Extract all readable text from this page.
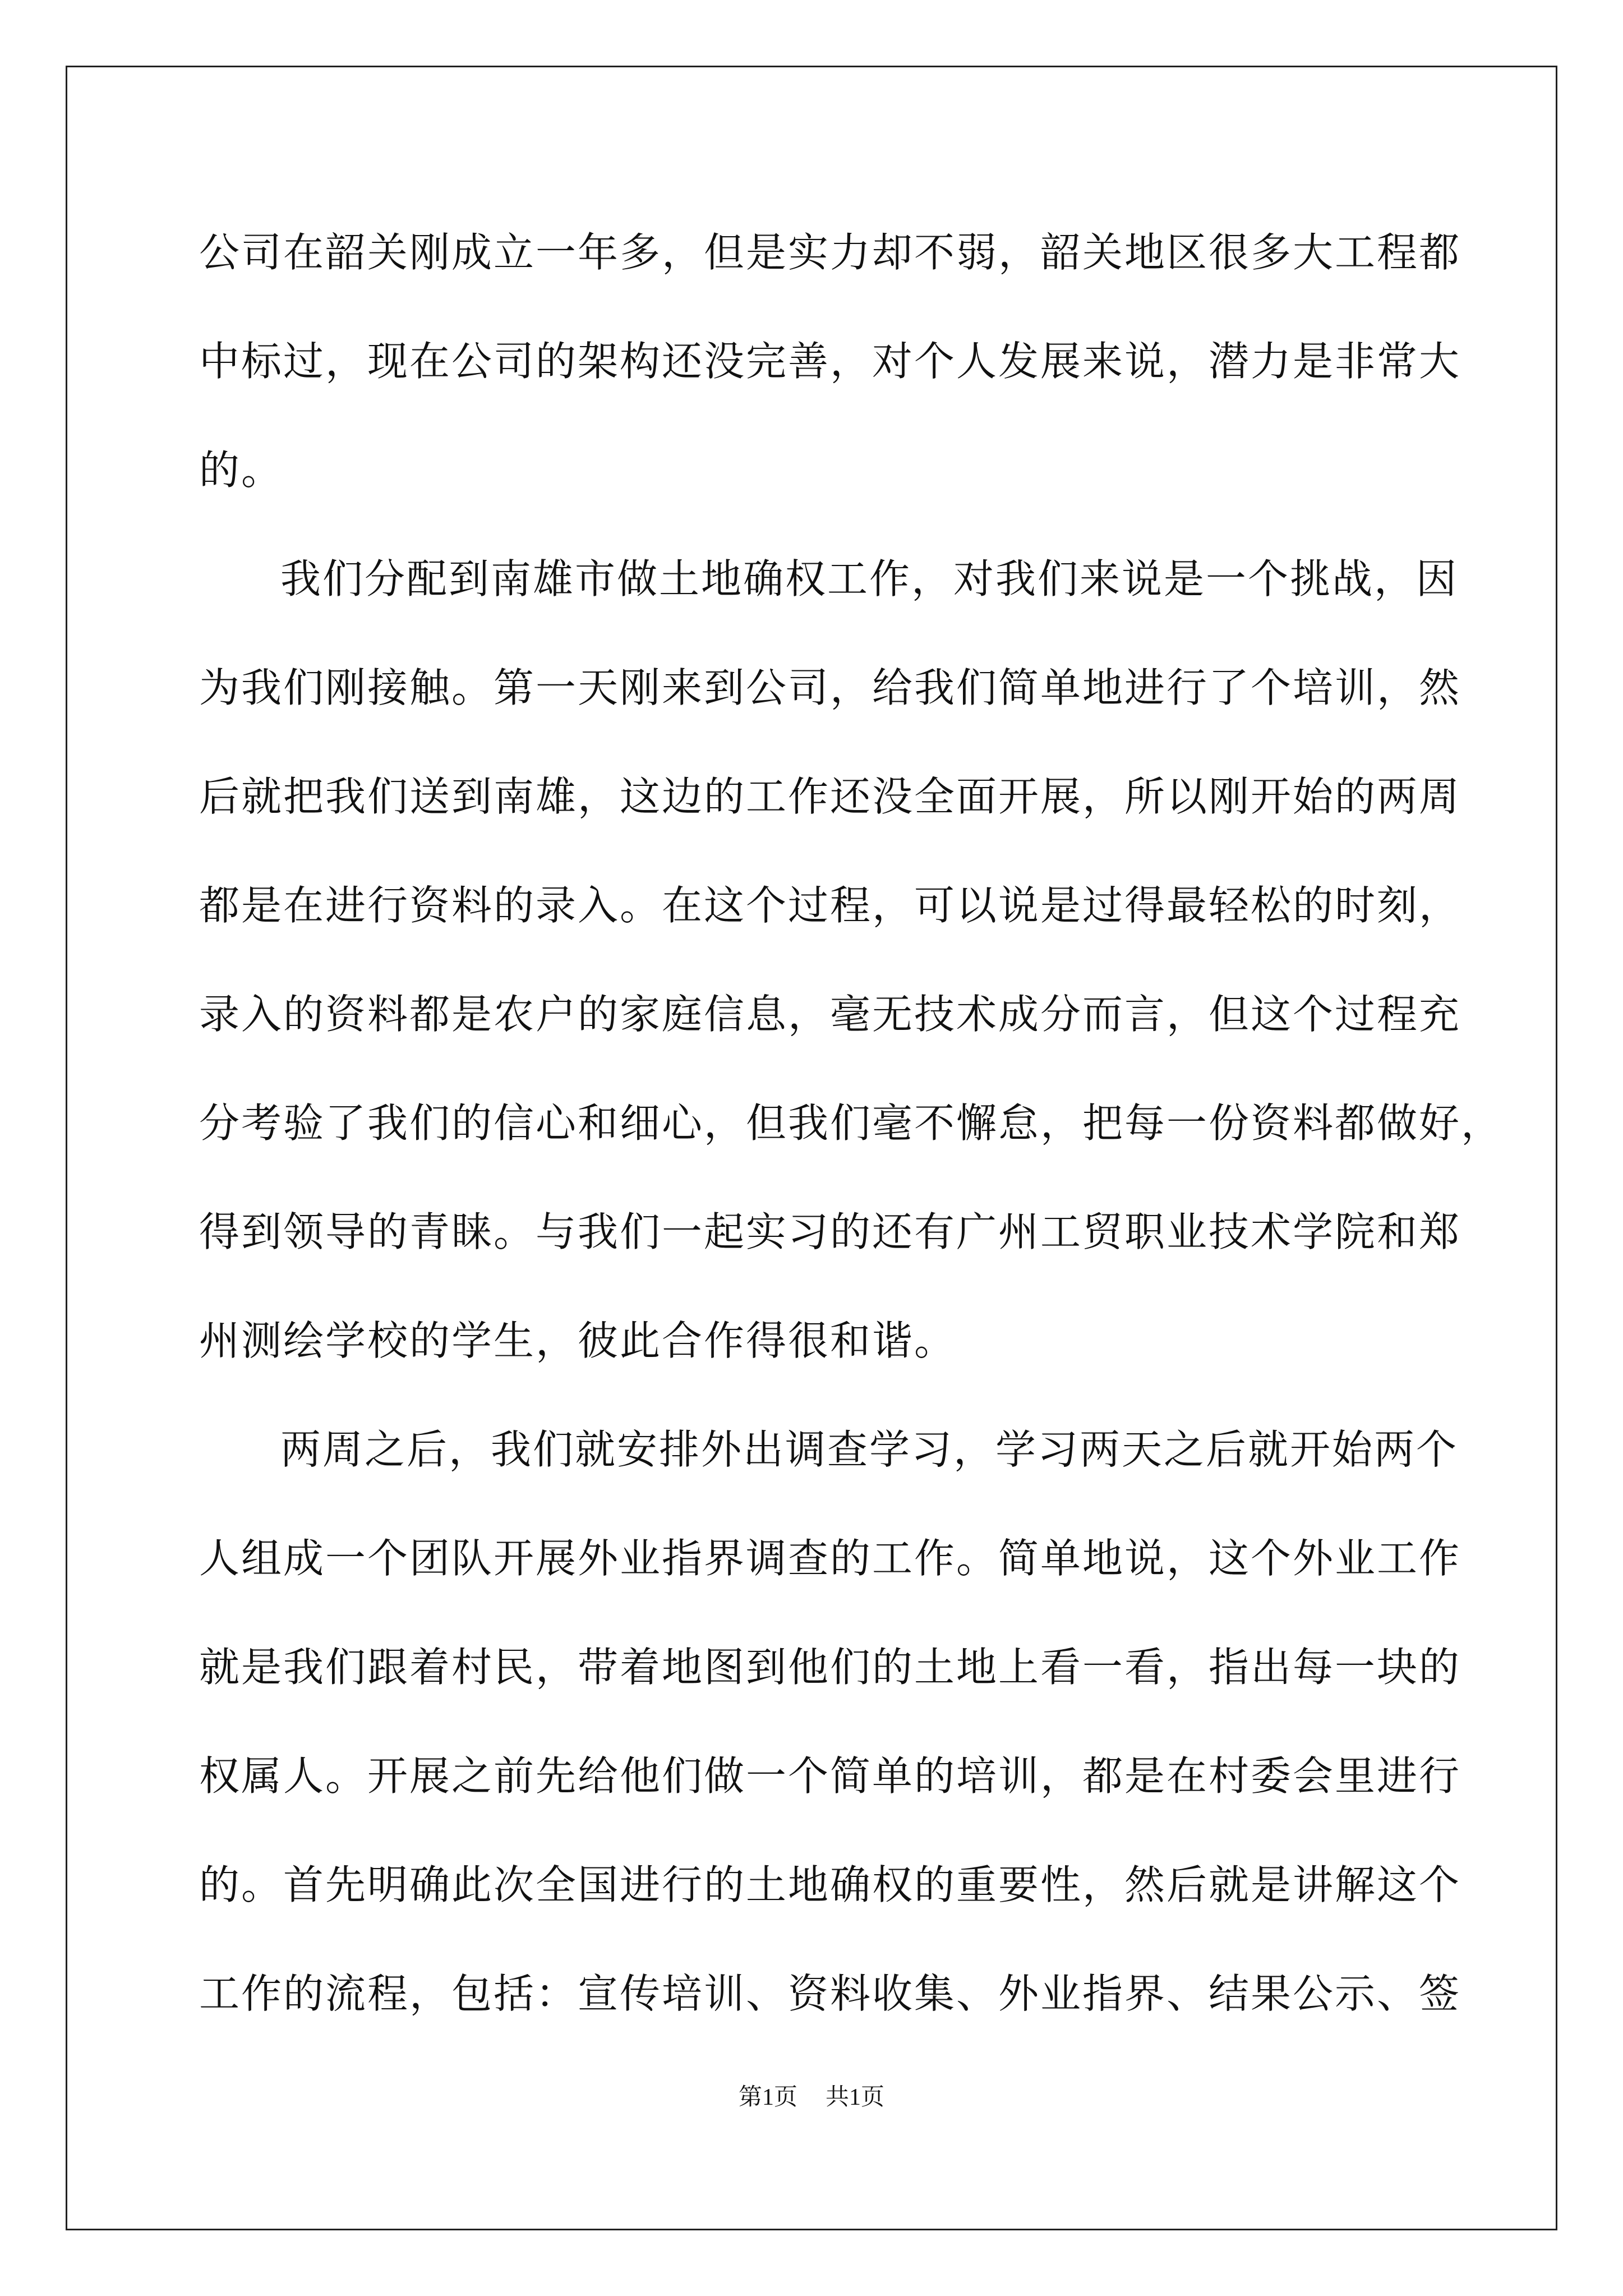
公司在韶关刚成立一年多，但是实力却不弱，韶关地区很多大工程都
中标过，现在公司的架构还没完善，对个人发展来说，潜力是非常大
的。
我们分配到南雄市做土地确权工作，对我们来说是一个挑战，因
为我们刚接触。第一天刚来到公司，给我们简单地进行了个培训，然
后就把我们送到南雄，这边的工作还没全面开展，所以刚开始的两周
都是在进行资料的录入。在这个过程，可以说是过得最轻松的时刻，
录入的资料都是农户的家庭信息，毫无技术成分而言，但这个过程充
分考验了我们的信心和细心，但我们毫不懈怠，把每一份资料都做好，
得到领导的青睐。与我们一起实习的还有广州工贸职业技术学院和郑
州测绘学校的学生，彼此合作得很和谐。
两周之后，我们就安排外出调查学习，学习两天之后就开始两个
人组成一个团队开展外业指界调查的工作。简单地说，这个外业工作
就是我们跟着村民，带着地图到他们的土地上看一看，指出每一块的
权属人。开展之前先给他们做一个简单的培训，都是在村委会里进行
的。首先明确此次全国进行的土地确权的重要性，然后就是讲解这个
工作的流程，包括：宣传培训、资料收集、外业指界、结果公示、签
第1页 共1页
